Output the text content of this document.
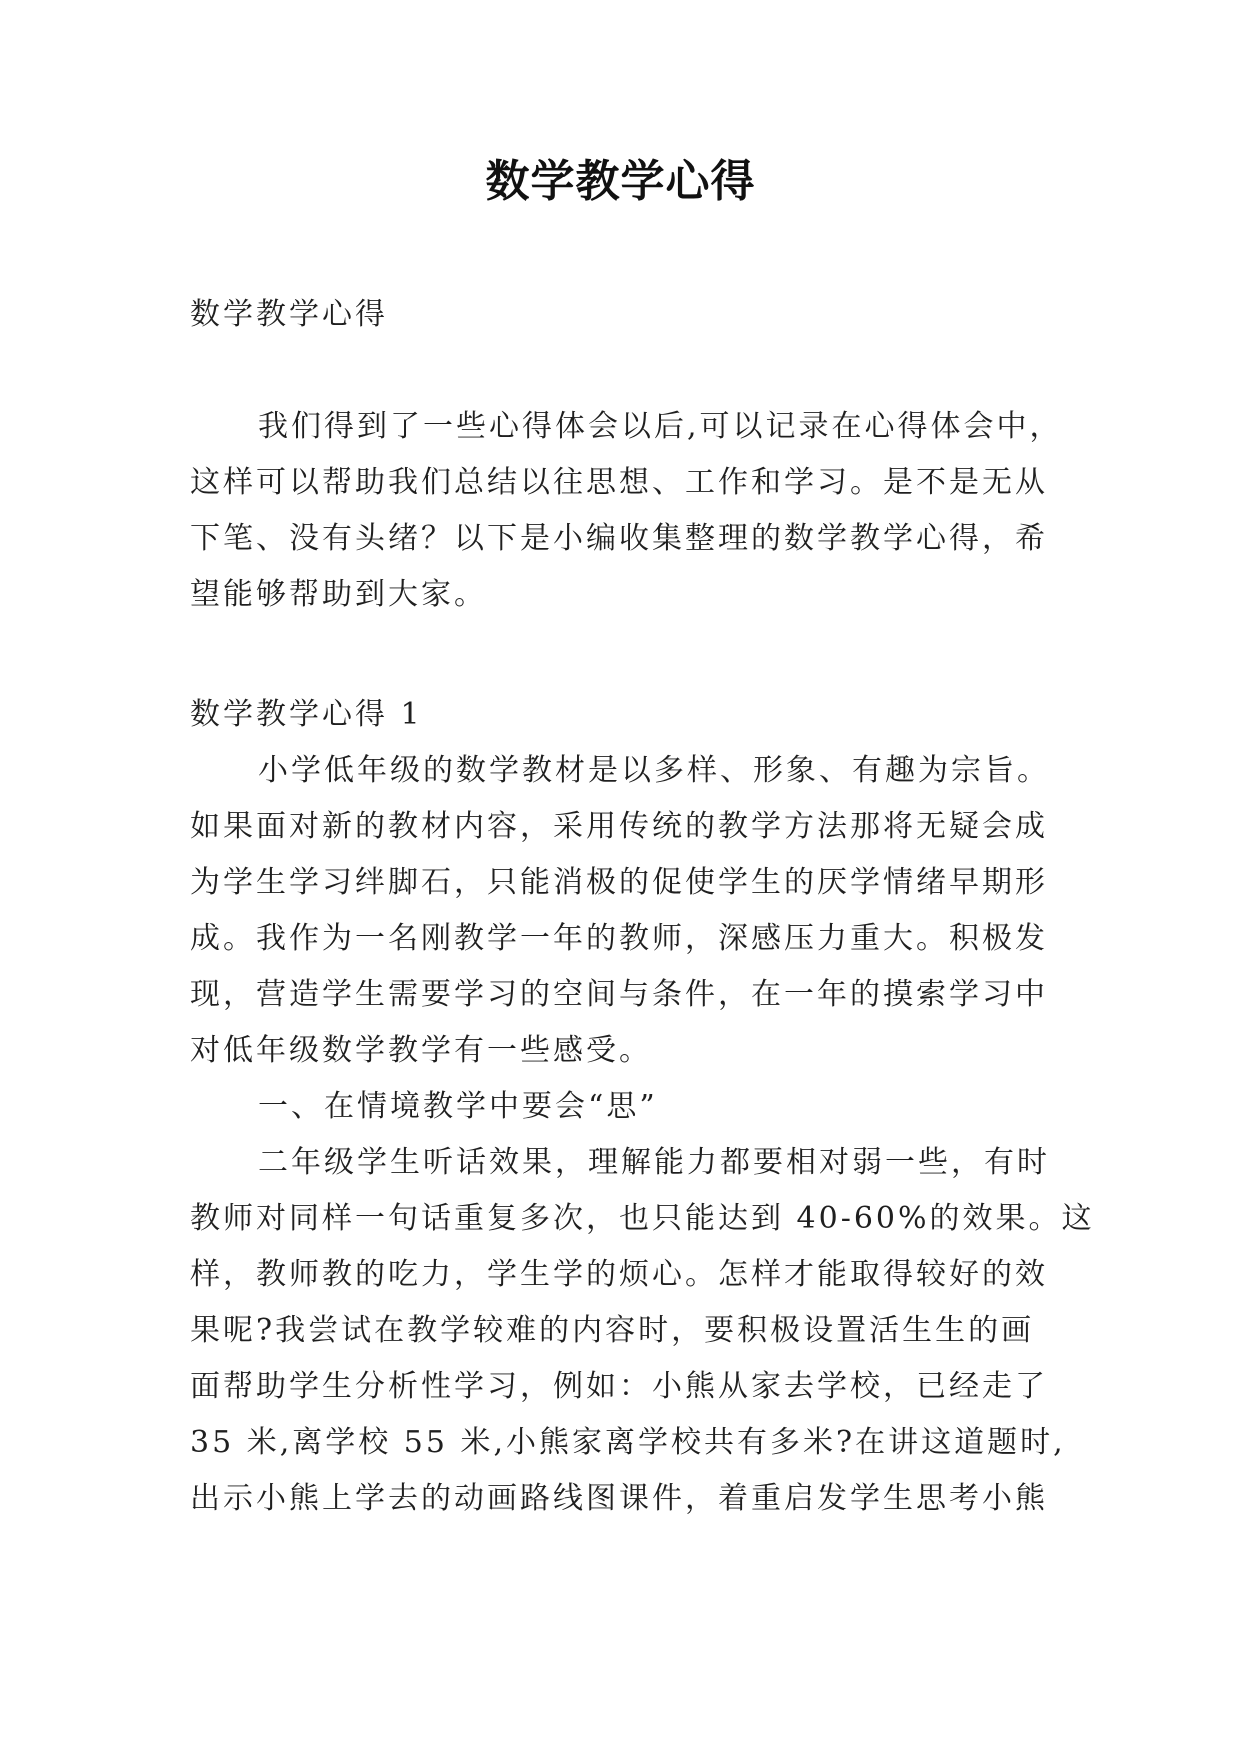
数学教学心得
数学教学心得
我们得到了一些心得体会以后,可以记录在心得体会中，
这样可以帮助我们总结以往思想、工作和学习。是不是无从
下笔、没有头绪？以下是小编收集整理的数学教学心得，希
望能够帮助到大家。
数学教学心得 1
小学低年级的数学教材是以多样、形象、有趣为宗旨。
如果面对新的教材内容，采用传统的教学方法那将无疑会成
为学生学习绊脚石，只能消极的促使学生的厌学情绪早期形
成。我作为一名刚教学一年的教师，深感压力重大。积极发
现，营造学生需要学习的空间与条件，在一年的摸索学习中
对低年级数学教学有一些感受。
一、在情境教学中要会“思”
二年级学生听话效果，理解能力都要相对弱一些，有时
教师对同样一句话重复多次，也只能达到 40-60%的效果。这
样，教师教的吃力，学生学的烦心。怎样才能取得较好的效
果呢?我尝试在教学较难的内容时，要积极设置活生生的画
面帮助学生分析性学习，例如：小熊从家去学校，已经走了
35 米,离学校 55 米,小熊家离学校共有多米?在讲这道题时,
出示小熊上学去的动画路线图课件，着重启发学生思考小熊
